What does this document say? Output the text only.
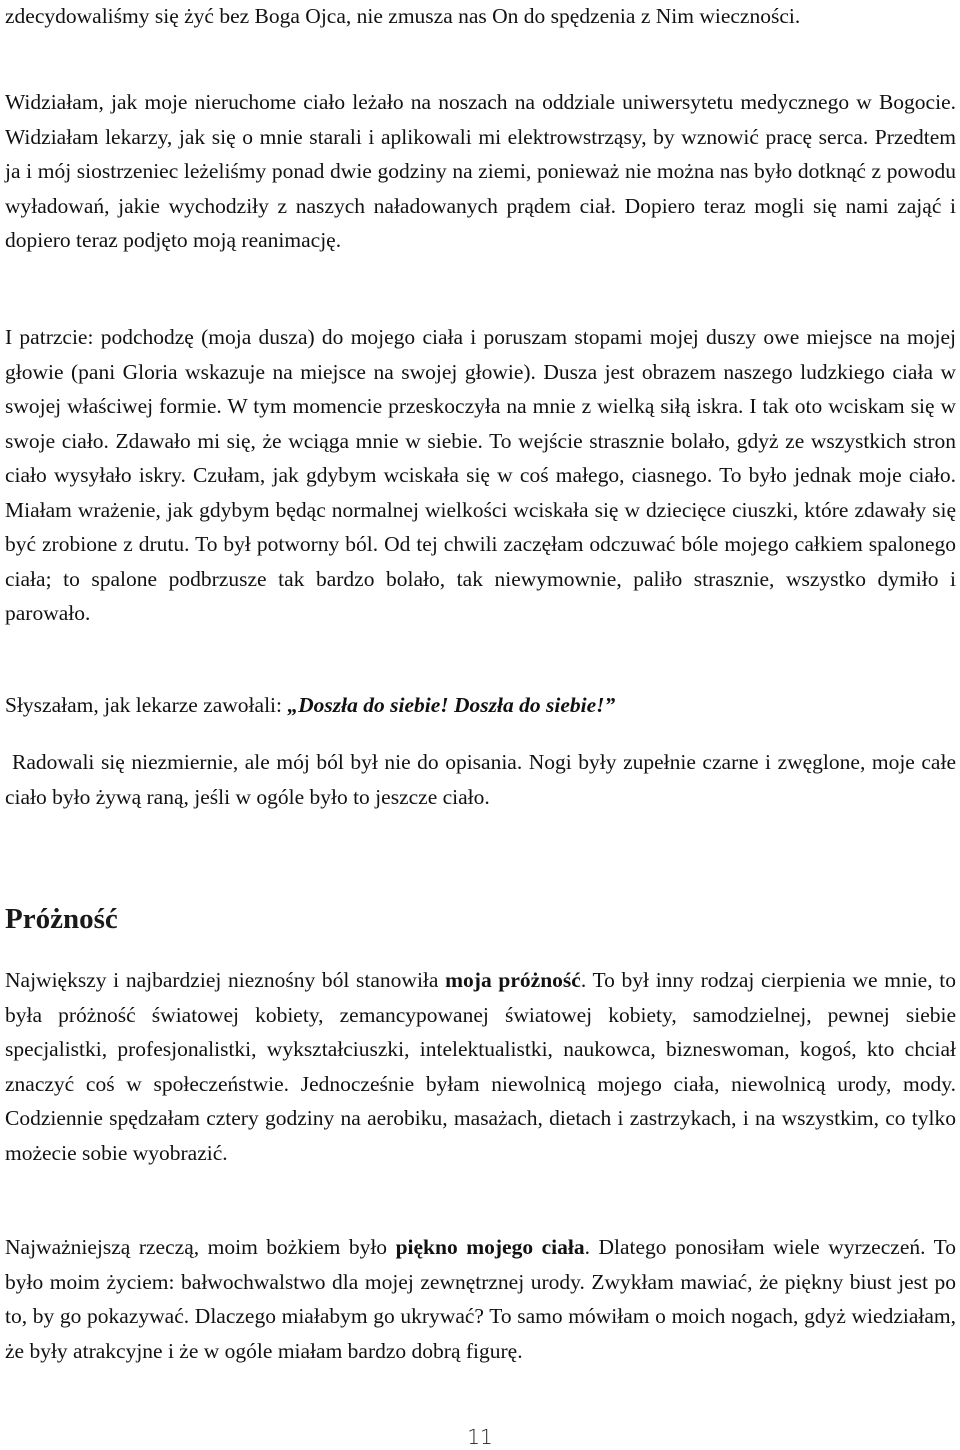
zdecydowaliśmy się żyć bez Boga Ojca, nie zmusza nas On do spędzenia z Nim wieczności.

Widziałam, jak moje nieruchome ciało leżało na noszach na oddziale uniwersytetu medycznego w Bogocie. Widziałam lekarzy, jak się o mnie starali i aplikowali mi elektrowstrząsy, by wznowić pracę serca. Przedtem ja i mój siostrzeniec leżeliśmy ponad dwie godziny na ziemi, ponieważ nie można nas było dotknąć z powodu wyładowań, jakie wychodziły z naszych naładowanych prądem ciał. Dopiero teraz mogli się nami zająć i dopiero teraz podjęto moją reanimację.

I patrzcie: podchodzę (moja dusza) do mojego ciała i poruszam stopami mojej duszy owe miejsce na mojej głowie (pani Gloria wskazuje na miejsce na swojej głowie). Dusza jest obrazem naszego ludzkiego ciała w swojej właściwej formie. W tym momencie przeskoczyła na mnie z wielką siłą iskra. I tak oto wciskam się w swoje ciało. Zdawało mi się, że wciąga mnie w siebie. To wejście strasznie bolało, gdyż ze wszystkich stron ciało wysyłało iskry. Czułam, jak gdybym wciskała się w coś małego, ciasnego. To było jednak moje ciało. Miałam wrażenie, jak gdybym będąc normalnej wielkości wciskała się w dziecięce ciuszki, które zdawały się być zrobione z drutu. To był potworny ból. Od tej chwili zaczęłam odczuwać bóle mojego całkiem spalonego ciała; to spalone podbrzusze tak bardzo bolało, tak niewymownie, paliło strasznie, wszystko dymiło i parowało.

Słyszałam, jak lekarze zawołali: „Doszła do siebie! Doszła do siebie!”

Radowali się niezmiernie, ale mój ból był nie do opisania. Nogi były zupełnie czarne i zwęglone, moje całe ciało było żywą raną, jeśli w ogóle było to jeszcze ciało.

Próżność

Największy i najbardziej nieznośny ból stanowiła moja próżność. To był inny rodzaj cierpienia we mnie, to była próżność światowej kobiety, zemancypowanej światowej kobiety, samodzielnej, pewnej siebie specjalistki, profesjonalistki, wykształciuszki, intelektualistki, naukowca, bizneswoman, kogoś, kto chciał znaczyć coś w społeczeństwie. Jednocześnie byłam niewolnicą mojego ciała, niewolnicą urody, mody. Codziennie spędzałam cztery godziny na aerobiku, masażach, dietach i zastrzykach, i na wszystkim, co tylko możecie sobie wyobrazić.

Najważniejszą rzeczą, moim bożkiem było piękno mojego ciała. Dlatego ponosiłam wiele wyrzeczeń. To było moim życiem: bałwochwalstwo dla mojej zewnętrznej urody. Zwykłam mawiać, że piękny biust jest po to, by go pokazywać. Dlaczego miałabym go ukrywać? To samo mówiłam o moich nogach, gdyż wiedziałam, że były atrakcyjne i że w ogóle miałam bardzo dobrą figurę.

11
